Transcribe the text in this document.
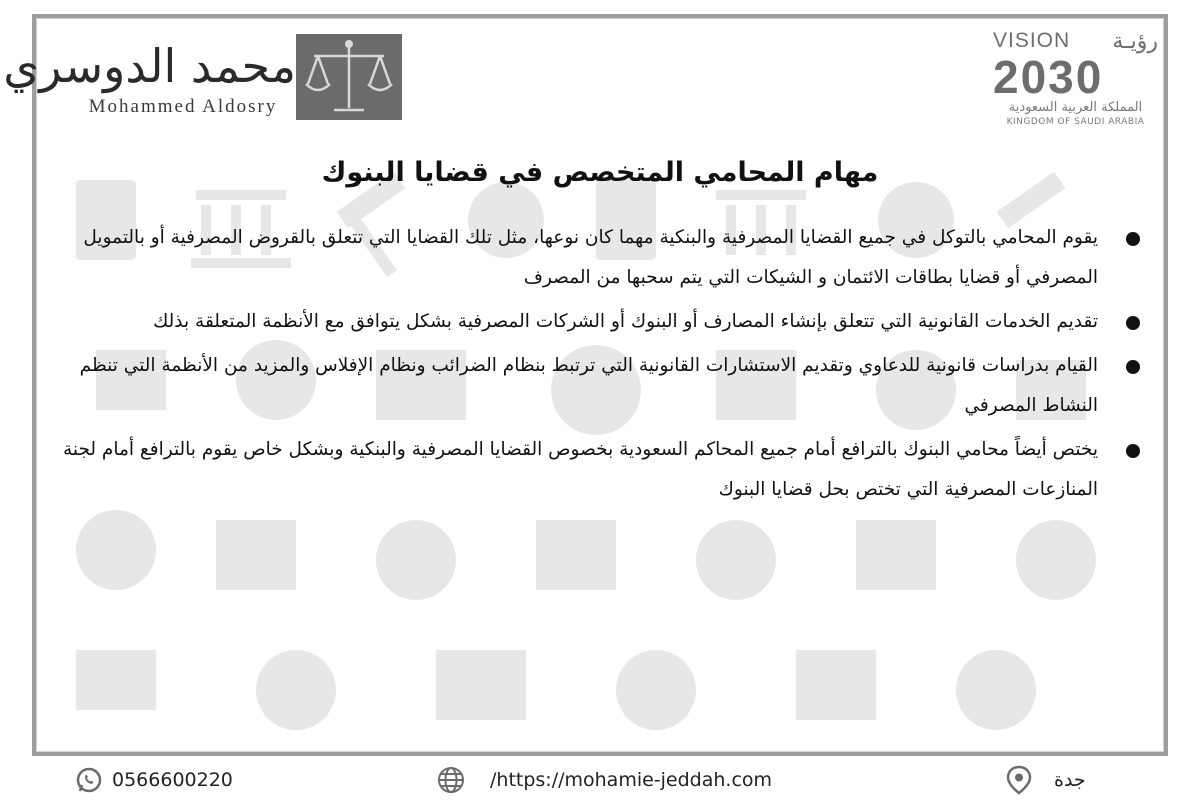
محمد الدوسري
Mohammed Aldosry
VISION رؤيـة
2030
المملكة العربية السعودية
KINGDOM OF SAUDI ARABIA
مهام المحامي المتخصص في قضايا البنوك
يقوم المحامي بالتوكل في جميع القضايا المصرفية والبنكية مهما كان نوعها، مثل تلك القضايا التي تتعلق بالقروض المصرفية أو بالتمويل المصرفي أو قضايا بطاقات الائتمان و الشيكات التي يتم سحبها من المصرف
تقديم الخدمات القانونية التي تتعلق بإنشاء المصارف أو البنوك أو الشركات المصرفية بشكل يتوافق مع الأنظمة المتعلقة بذلك
القيام بدراسات قانونية للدعاوي وتقديم الاستشارات القانونية التي ترتبط بنظام الضرائب ونظام الإفلاس والمزيد من الأنظمة التي تنظم النشاط المصرفي
يختص أيضاً محامي البنوك بالترافع أمام جميع المحاكم السعودية بخصوص القضايا المصرفية والبنكية وبشكل خاص يقوم بالترافع أمام لجنة المنازعات المصرفية التي تختص بحل قضايا البنوك
0566600220	/https://mohamie-jeddah.com	جدة
